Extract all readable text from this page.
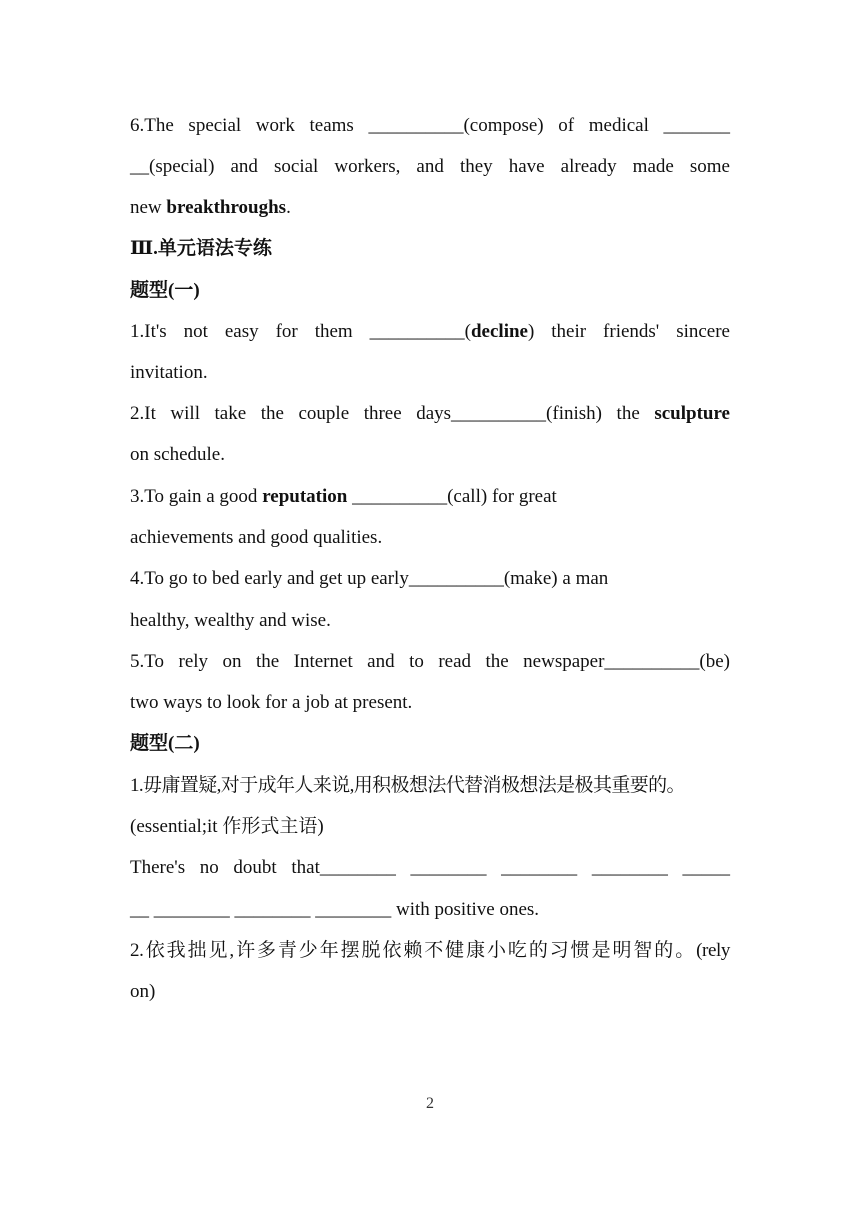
6.The special work teams __________(compose) of medical _______
__(special) and social workers, and they have already made some
new breakthroughs.
Ⅲ.单元语法专练
题型(一)
1.It's not easy for them __________(decline) their friends' sincere
invitation.
2.It will take the couple three days__________(finish) the sculpture
on schedule.
3.To gain a good reputation __________(call) for great
achievements and good qualities.
4.To go to bed early and get up early__________(make) a man
healthy, wealthy and wise.
5.To rely on the Internet and to read the newspaper__________(be)
two ways to look for a job at present.
题型(二)
1.毋庸置疑,对于成年人来说,用积极想法代替消极想法是极其重要的。
(essential;it 作形式主语)
There's no doubt that________ ________ ________ ________ _____
__ ________ ________ ________ with positive ones.
2.依我拙见,许多青少年摆脱依赖不健康小吃的习惯是明智的。(rely
on)
2
